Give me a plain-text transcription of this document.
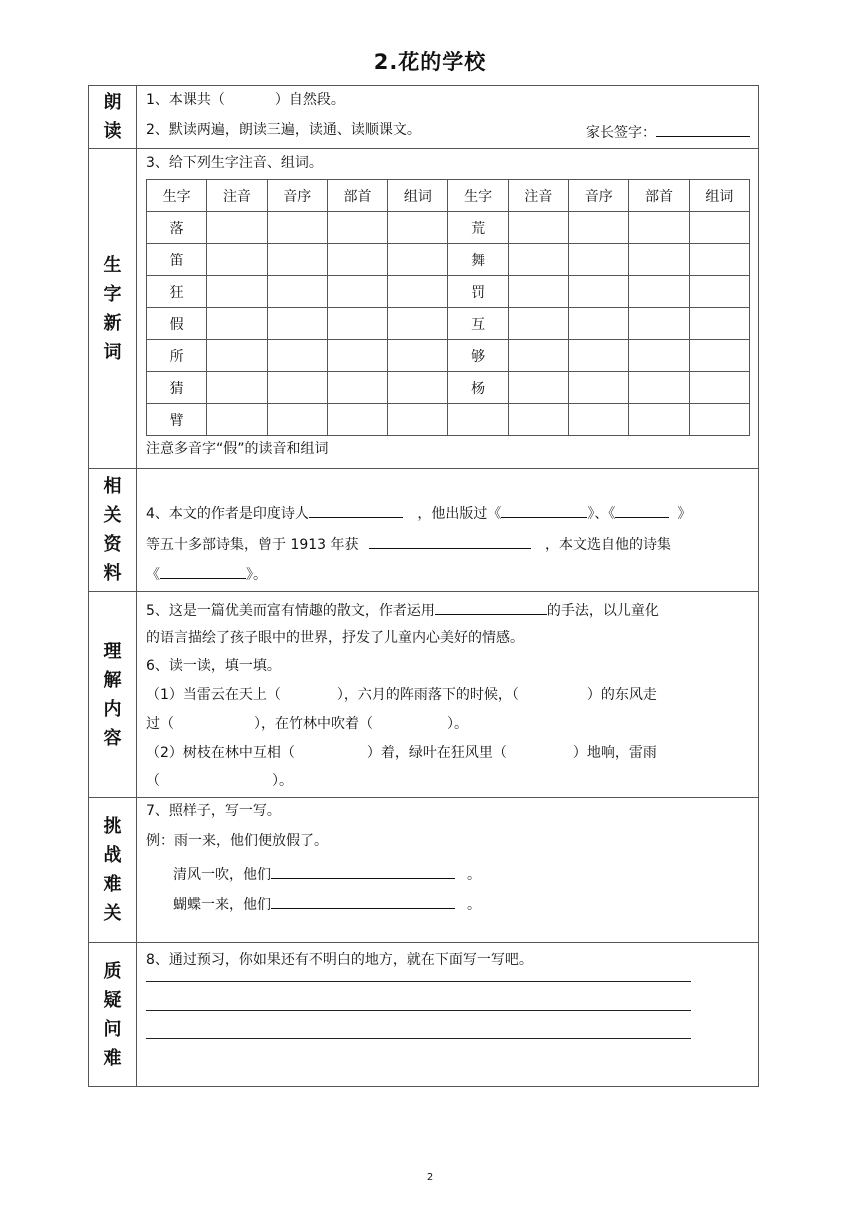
2.花的学校
朗读
1、本课共（	）自然段。
2、默读两遍，朗读三遍，读通、读顺课文。	家长签字：
生字新词
3、给下列生字注音、组词。
生字	注音	音序	部首	组词	生字	注音	音序	部首	组词
落					荒				
笛					舞				
狂					罚				
假					互				
所					够				
猜					杨				
臂									
注意多音字“假”的读音和组词
相关资料
4、本文的作者是印度诗人	，他出版过《	》、《	》
等五十多部诗集，曾于 1913 年获	，本文选自他的诗集
《	》。
理解内容
5、这是一篇优美而富有情趣的散文，作者运用	的手法，以儿童化
的语言描绘了孩子眼中的世界，抒发了儿童内心美好的情感。
6、读一读，填一填。
（1）当雷云在天上（	），六月的阵雨落下的时候，（	）的东风走
过（	），在竹林中吹着（	）。
（2）树枝在林中互相（	）着，绿叶在狂风里（	）地响，雷雨
（	）。
挑战难关
7、照样子，写一写。
例：雨一来，他们便放假了。
清风一吹，他们	。
蝴蝶一来，他们	。
质疑问难
8、通过预习，你如果还有不明白的地方，就在下面写一写吧。
2
